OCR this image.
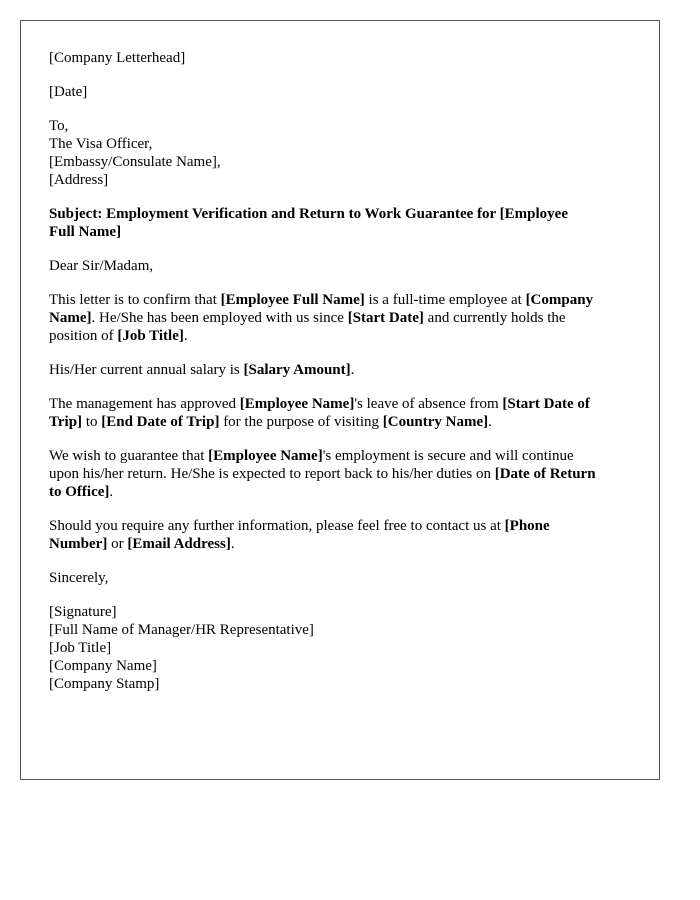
[Company Letterhead]
[Date]
To,
The Visa Officer,
[Embassy/Consulate Name],
[Address]
Subject: Employment Verification and Return to Work Guarantee for [Employee
Full Name]
Dear Sir/Madam,
This letter is to confirm that [Employee Full Name] is a full-time employee at [Company
Name]. He/She has been employed with us since [Start Date] and currently holds the
position of [Job Title].
His/Her current annual salary is [Salary Amount].
The management has approved [Employee Name]'s leave of absence from [Start Date of
Trip] to [End Date of Trip] for the purpose of visiting [Country Name].
We wish to guarantee that [Employee Name]'s employment is secure and will continue
upon his/her return. He/She is expected to report back to his/her duties on [Date of Return
to Office].
Should you require any further information, please feel free to contact us at [Phone
Number] or [Email Address].
Sincerely,
[Signature]
[Full Name of Manager/HR Representative]
[Job Title]
[Company Name]
[Company Stamp]
